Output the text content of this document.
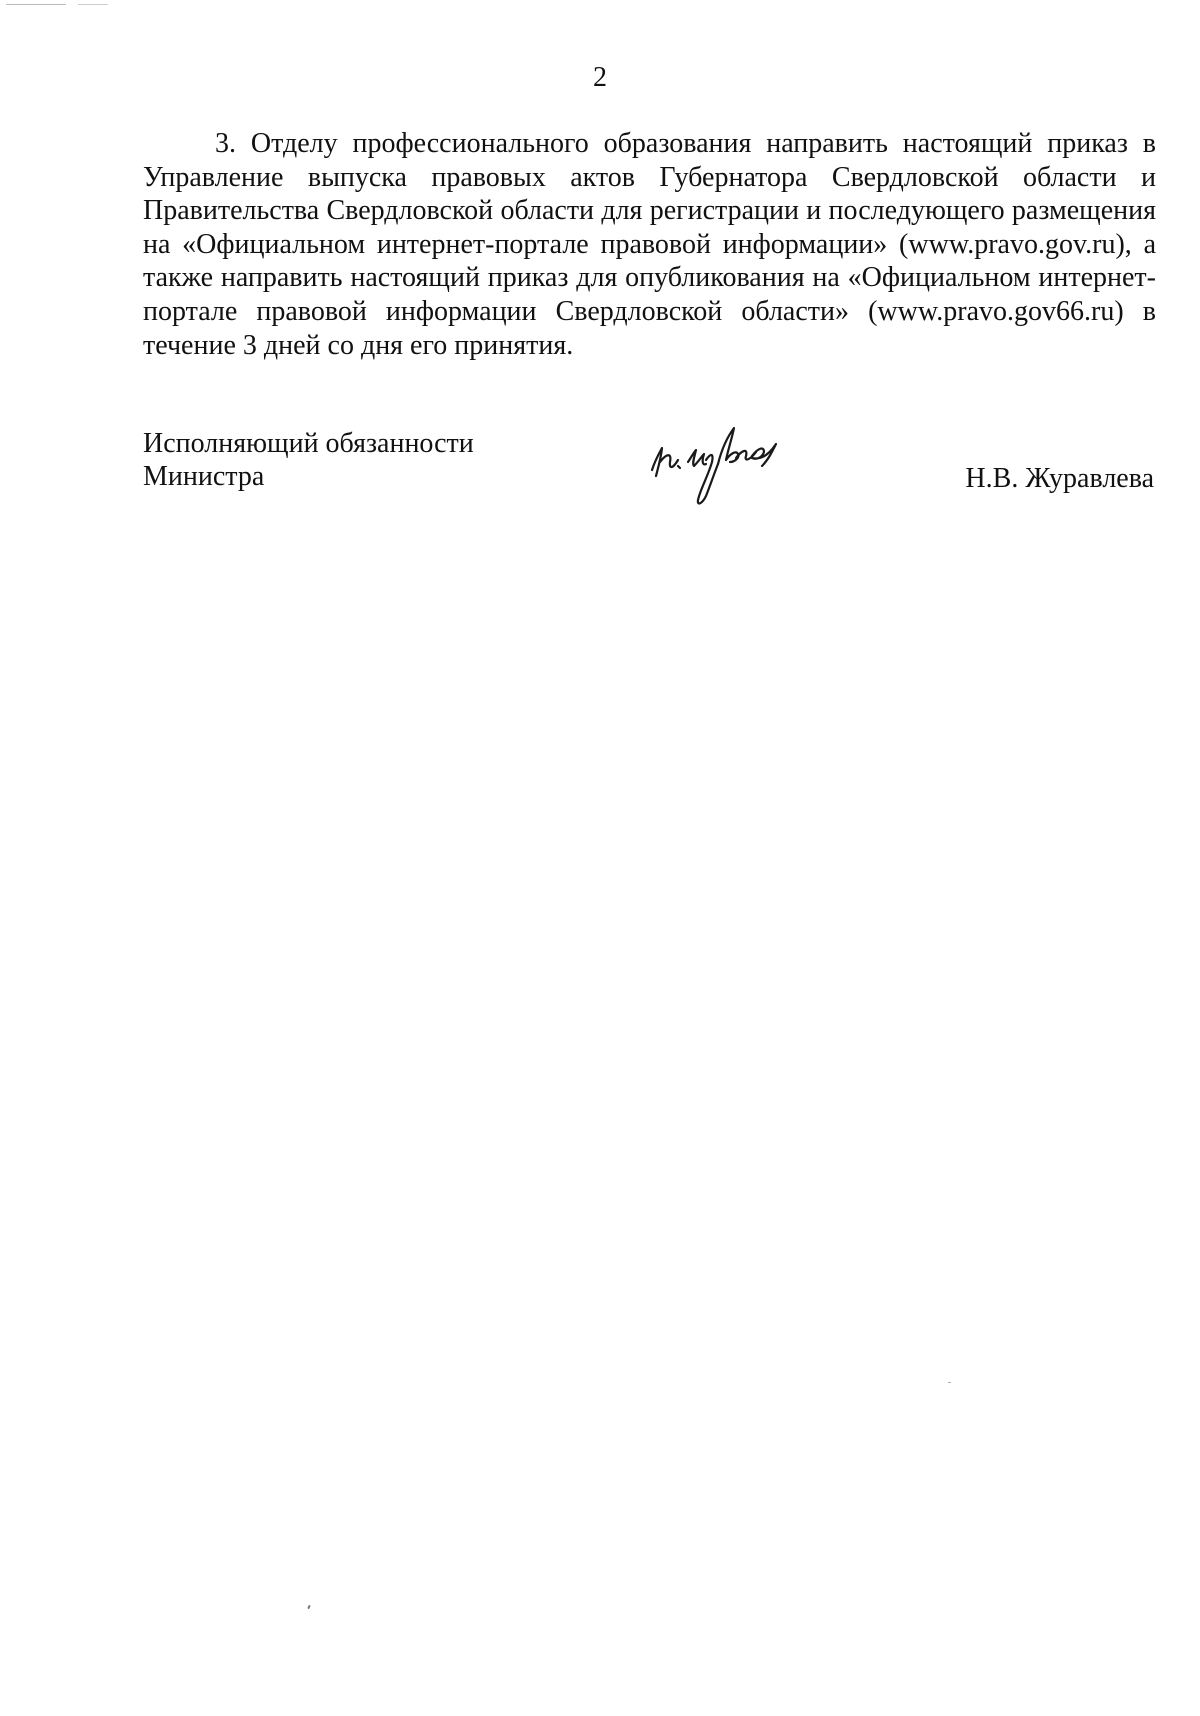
2

3. Отделу профессионального образования направить настоящий приказ в Управление выпуска правовых актов Губернатора Свердловской области и Правительства Свердловской области для регистрации и последующего размещения на «Официальном интернет-портале правовой информации» (www.pravo.gov.ru), а также направить настоящий приказ для опубликования на «Официальном интернет-портале правовой информации Свердловской области» (www.pravo.gov66.ru) в течение 3 дней со дня его принятия.

Исполняющий обязанности
Министра	Н.В. Журавлева
